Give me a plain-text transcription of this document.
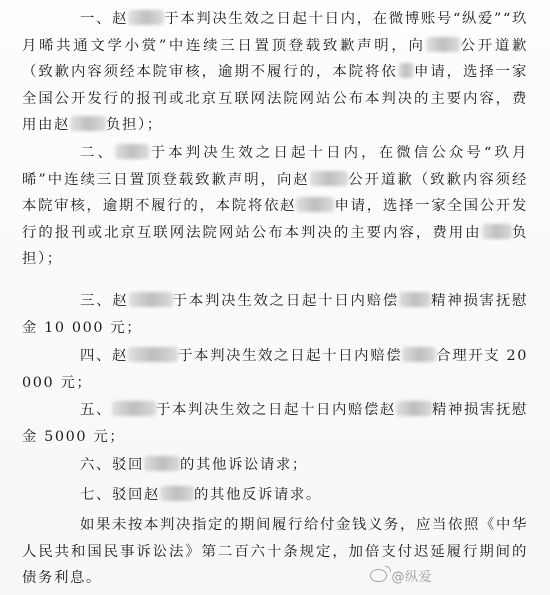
一、赵	于本判决生效之日起十日内，在微博账号“纵爱”“玖月晞共通文学小赏”中连续三日置顶登载致歉声明，向 公开道歉（致歉内容须经本院审核，逾期不履行的，本院将依 申请，选择一家全国公开发行的报刊或北京互联网法院网站公布本判决的主要内容，费用由赵	负担）；

二、 于本判决生效之日起十日内，在微信公众号“玖月晞”中连续三日置顶登载致歉声明，向赵	公开道歉（致歉内容须经本院审核，逾期不履行的，本院将依赵	申请，选择一家全国公开发行的报刊或北京互联网法院网站公布本判决的主要内容，费用由 负担）；

三、赵	于本判决生效之日起十日内赔偿 精神损害抚慰金 10 000 元；

四、赵	于本判决生效之日起十日内赔偿 合理开支 20 000 元；

五、	于本判决生效之日起十日内赔偿赵	精神损害抚慰金 5000 元；

六、驳回	的其他诉讼请求；

七、驳回赵 的其他反诉请求。

如果未按本判决指定的期间履行给付金钱义务，应当依照《中华人民共和国民事诉讼法》第二百六十条规定，加倍支付迟延履行期间的债务利息。	@纵爱
